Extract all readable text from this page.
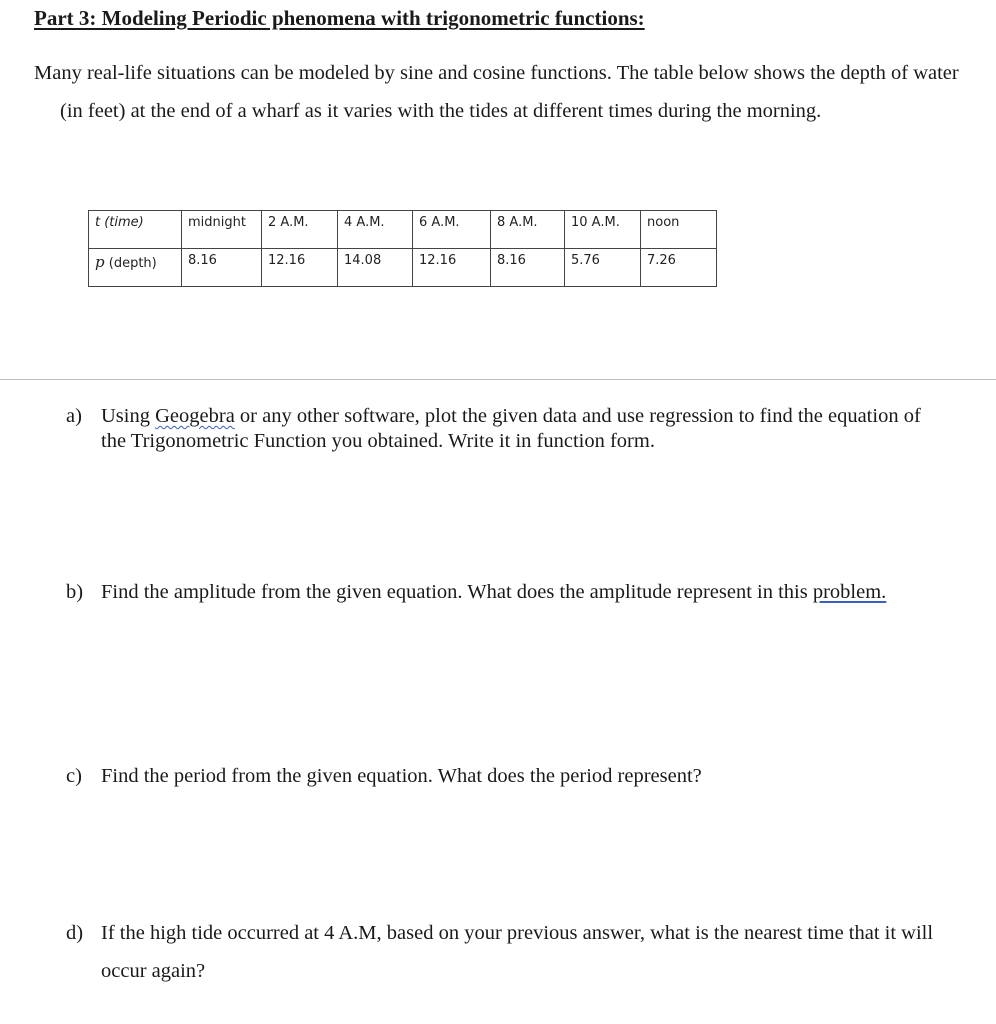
Part 3: Modeling Periodic phenomena with trigonometric functions:
Many real-life situations can be modeled by sine and cosine functions. The table below shows the depth of water (in feet) at the end of a wharf as it varies with the tides at different times during the morning.
t (time)	midnight	2 A.M.	4 A.M.	6 A.M.	8 A.M.	10 A.M.	noon
p (depth)	8.16	12.16	14.08	12.16	8.16	5.76	7.26
a) Using Geogebra or any other software, plot the given data and use regression to find the equation of the Trigonometric Function you obtained. Write it in function form.
b) Find the amplitude from the given equation. What does the amplitude represent in this problem.
c) Find the period from the given equation. What does the period represent?
d) If the high tide occurred at 4 A.M, based on your previous answer, what is the nearest time that it will occur again?
